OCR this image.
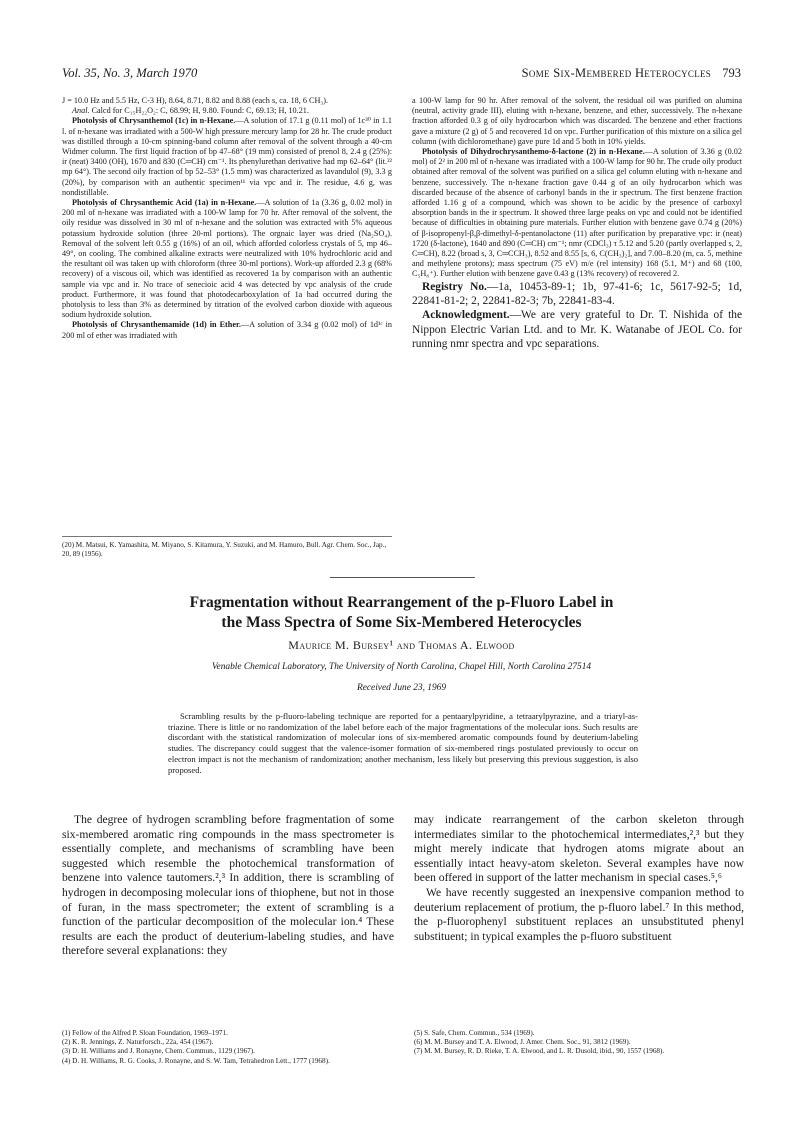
Vol. 35, No. 3, March 1970	Some Six-Membered Heterocycles 793

J = 10.0 Hz and 5.5 Hz, C-3 H), 8.64, 8.71, 8.82 and 8.88 (each s, ca. 18, 6 CH₃).

Anal. Calcd for C₁₅H₂₂O₂: C, 68.99; H, 9.80. Found: C, 69.13; H, 10.21.

Photolysis of Chrysanthemol (1c) in n-Hexane.—A solution of 17.1 g (0.11 mol) of 1c³⁰ in 1.1 l. of n-hexane was irradiated with a 500-W high pressure mercury lamp for 28 hr. The crude product was distilled through a 10-cm spinning-band column after removal of the solvent through a 40-cm Widmer column. The first liquid fraction of bp 47–68° (19 mm) consisted of prenol 8, 2.4 g (25%): ir (neat) 3400 (OH), 1670 and 830 (C═CH) cm⁻¹. Its phenylurethan derivative had mp 62–64° (lit.²² mp 64°). The second oily fraction of bp 52–53° (1.5 mm) was characterized as lavandulol (9), 3.3 g (20%), by comparison with an authentic specimen¹¹ via vpc and ir. The residue, 4.6 g, was nondistillable.

Photolysis of Chrysanthemic Acid (1a) in n-Hexane.—A solution of 1a (3.36 g, 0.02 mol) in 200 ml of n-hexane was irradiated with a 100-W lamp for 70 hr. After removal of the solvent, the oily residue was dissolved in 30 ml of n-hexane and the solution was extracted with 5% aqueous potassium hydroxide solution (three 20-ml portions). The orgnaic layer was dried (Na₂SO₄). Removal of the solvent left 0.55 g (16%) of an oil, which afforded colorless crystals of 5, mp 46–49°, on cooling. The combined alkaline extracts were neutralized with 10% hydrochloric acid and the resultant oil was taken up with chloroform (three 30-ml portions). Work-up afforded 2.3 g (68% recovery) of a viscous oil, which was identified as recovered 1a by comparison with an authentic sample via vpc and ir. No trace of senecioic acid 4 was detected by vpc analysis of the crude product. Furthermore, it was found that photodecarboxylation of 1a had occurred during the photolysis to less than 3% as determined by titration of the evolved carbon dioxide with aqueous sodium hydroxide solution.

Photolysis of Chrysanthemamide (1d) in Ether.—A solution of 3.34 g (0.02 mol) of 1d¹ᶜ in 200 ml of ether was irradiated with

(20) M. Matsui, K. Yamashita, M. Miyano, S. Kitamura, Y. Suzuki, and M. Hamuro, Bull. Agr. Chem. Soc., Jap., 20, 89 (1956).

a 100-W lamp for 90 hr. After removal of the solvent, the residual oil was purified on alumina (neutral, activity grade III), eluting with n-hexane, benzene, and ether, successively. The n-hexane fraction afforded 0.3 g of oily hydrocarbon which was discarded. The benzene and ether fractions gave a mixture (2 g) of 5 and recovered 1d on vpc. Further purification of this mixture on a silica gel column (with dichloromethane) gave pure 1d and 5 both in 10% yields.

Photolysis of Dihydrochrysanthemo-δ-lactone (2) in n-Hexane.—A solution of 3.36 g (0.02 mol) of 2² in 200 ml of n-hexane was irradiated with a 100-W lamp for 90 hr. The crude oily product obtained after removal of the solvent was purified on a silica gel column eluting with n-hexane and benzene, successively. The n-hexane fraction gave 0.44 g of an oily hydrocarbon which was discarded because of the absence of carbonyl bands in the ir spectrum. The first benzene fraction afforded 1.16 g of a compound, which was shown to be acidic by the presence of carboxyl absorption bands in the ir spectrum. It showed three large peaks on vpc and could not be identified because of difficulties in obtaining pure materials. Further elution with benzene gave 0.74 g (20%) of β-isopropenyl-β,β-dimethyl-δ-pentanolactone (11) after purification by preparative vpc: ir (neat) 1720 (δ-lactone), 1640 and 890 (C═CH) cm⁻¹; nmr (CDCl₃) τ 5.12 and 5.20 (partly overlapped s, 2, C═CH), 8.22 (broad s, 3, C═CCH₃), 8.52 and 8.55 [s, 6, C(CH₃)₂], and 7.00–8.20 (m, ca. 5, methine and methylene protons); mass spectrum (75 eV) m/e (rel intensity) 168 (5.1, M⁺) and 68 (100, C₅H₈⁺). Further elution with benzene gave 0.43 g (13% recovery) of recovered 2.

Registry No.—1a, 10453-89-1; 1b, 97-41-6; 1c, 5617-92-5; 1d, 22841-81-2; 2, 22841-82-3; 7b, 22841-83-4.

Acknowledgment.—We are very grateful to Dr. T. Nishida of the Nippon Electric Varian Ltd. and to Mr. K. Watanabe of JEOL Co. for running nmr spectra and vpc separations.

Fragmentation without Rearrangement of the p-Fluoro Label in
the Mass Spectra of Some Six-Membered Heterocycles
Maurice M. Bursey¹ and Thomas A. Elwood
Venable Chemical Laboratory, The University of North Carolina, Chapel Hill, North Carolina 27514
Received June 23, 1969

Scrambling results by the p-fluoro-labeling technique are reported for a pentaarylpyridine, a tetraarylpyrazine, and a triaryl-as-triazine. There is little or no randomization of the label before each of the major fragmentations of the molecular ions. Such results are discordant with the statistical randomization of molecular ions of six-membered aromatic compounds found by deuterium-labeling studies. The discrepancy could suggest that the valence-isomer formation of six-membered rings postulated previously to occur on electron impact is not the mechanism of randomization; another mechanism, less likely but preserving this previous suggestion, is also proposed.

The degree of hydrogen scrambling before fragmentation of some six-membered aromatic ring compounds in the mass spectrometer is essentially complete, and mechanisms of scrambling have been suggested which resemble the photochemical transformation of benzene into valence tautomers.²,³ In addition, there is scrambling of hydrogen in decomposing molecular ions of thiophene, but not in those of furan, in the mass spectrometer; the extent of scrambling is a function of the particular decomposition of the molecular ion.⁴ These results are each the product of deuterium-labeling studies, and have therefore several explanations: they

may indicate rearrangement of the carbon skeleton through intermediates similar to the photochemical intermediates,²,³ but they might merely indicate that hydrogen atoms migrate about an essentially intact heavy-atom skeleton. Several examples have now been offered in support of the latter mechanism in special cases.⁵,⁶

We have recently suggested an inexpensive companion method to deuterium replacement of protium, the p-fluoro label.⁷ In this method, the p-fluorophenyl substituent replaces an unsubstituted phenyl substituent; in typical examples the p-fluoro substituent

(1) Fellow of the Alfred P. Sloan Foundation, 1969–1971.

(2) K. R. Jennings, Z. Naturforsch., 22a, 454 (1967).

(3) D. H. Williams and J. Ronayne, Chem. Commun., 1129 (1967).

(4) D. H. Williams, R. G. Cooks, J. Ronayne, and S. W. Tam, Tetrahedron Lett., 1777 (1968).

(5) S. Safe, Chem. Commun., 534 (1969).

(6) M. M. Bursey and T. A. Elwood, J. Amer. Chem. Soc., 91, 3812 (1969).

(7) M. M. Bursey, R. D. Rieke, T. A. Elwood, and L. R. Dusold, ibid., 90, 1557 (1968).
